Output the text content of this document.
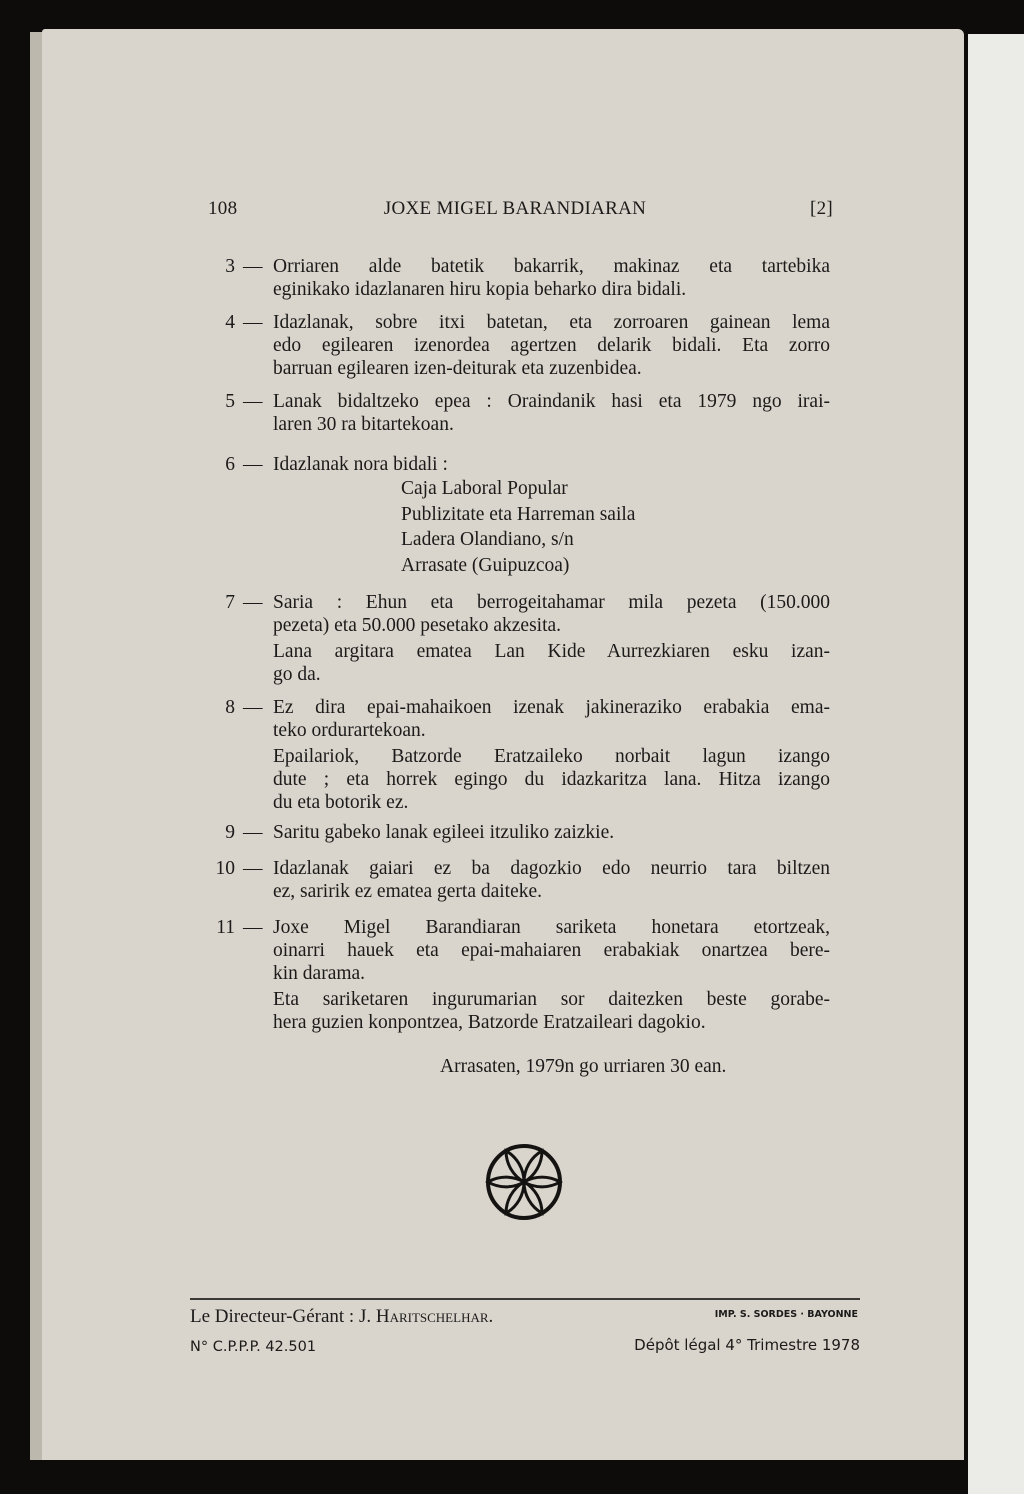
108	JOXE MIGEL BARANDIARAN	[2]
3 — Orriaren alde batetik bakarrik, makinaz eta tartebika
eginikako idazlanaren hiru kopia beharko dira bidali.
4 — Idazlanak, sobre itxi batetan, eta zorroaren gainean lema
edo egilearen izenordea agertzen delarik bidali. Eta zorro
barruan egilearen izen-deiturak eta zuzenbidea.
5 — Lanak bidaltzeko epea : Oraindanik hasi eta 1979 ngo irai-
laren 30 ra bitartekoan.
6 — Idazlanak nora bidali :
Caja Laboral Popular
Publizitate eta Harreman saila
Ladera Olandiano, s/n
Arrasate (Guipuzcoa)
7 — Saria : Ehun eta berrogeitahamar mila pezeta (150.000
pezeta) eta 50.000 pesetako akzesita.
Lana argitara ematea Lan Kide Aurrezkiaren esku izan-
go da.
8 — Ez dira epai-mahaikoen izenak jakineraziko erabakia ema-
teko ordurartekoan.
Epailariok, Batzorde Eratzaileko norbait lagun izango
dute ; eta horrek egingo du idazkaritza lana. Hitza izango
du eta botorik ez.
9 — Saritu gabeko lanak egileei itzuliko zaizkie.
10 — Idazlanak gaiari ez ba dagozkio edo neurrio tara biltzen
ez, saririk ez ematea gerta daiteke.
11 — Joxe Migel Barandiaran sariketa honetara etortzeak,
oinarri hauek eta epai-mahaiaren erabakiak onartzea bere-
kin darama.
Eta sariketaren ingurumarian sor daitezken beste gorabe-
hera guzien konpontzea, Batzorde Eratzaileari dagokio.
Arrasaten, 1979n go urriaren 30 ean.
Le Directeur-Gérant : J. Haritschelhar.	IMP. S. SORDES · BAYONNE
N° C.P.P.P. 42.501	Dépôt légal 4° Trimestre 1978
